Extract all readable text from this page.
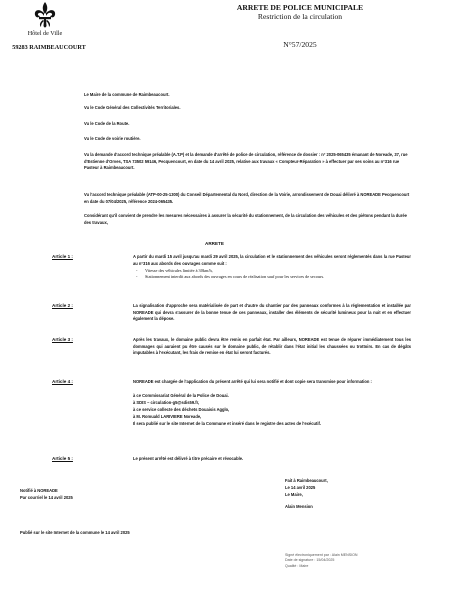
Hôtel de Ville
59283 RAIMBEAUCOURT
ARRETE DE POLICE MUNICIPALE
Restriction de la circulation
N°57/2025
Le Maire de la commune de Raimbeaucourt.
Vu le Code Général des Collectivités Territoriales.
Vu le Code de la Route.
Vu le Code de voirie routière.
Vu la demande d'accord technique préalable (A.T.P) et la demande d'arrêté de police de circulation, référence de dossier : n° 2025-065435 émanant de Noreade, 37, rue d'Estienne d'Orves, TSA 73502 59146, Pecquencourt, en date du 14 avril 2025, relative aux travaux « Compteur-Réparation » à effectuer par ses soins au n°316 rue Pasteur à Raimbeaucourt.
Vu l'accord technique préalable (ATP-00-25-1300) du Conseil Départemental du Nord, direction de la Voirie, arrondissement de Douai délivré à NOREADE Pecquencourt en date du 07/04/2025, référence 2024-065435.
Considérant qu'il convient de prendre les mesures nécessaires à assurer la sécurité du stationnement, de la circulation des véhicules et des piétons pendant la durée des travaux,
ARRETE
Article 1 :	A partir du mardi 15 avril jusqu'au mardi 29 avril 2025, la circulation et le stationnement des véhicules seront réglementés dans la rue Pasteur au n°316 aux abords des ouvrages comme suit :
- Vitesse des véhicules limitée à 30km/h,
- Stationnement interdit aux abords des ouvrages en cours de réalisation sauf pour les services de secours.
Article 2 :	La signalisation d'approche sera matérialisée de part et d'autre du chantier par des panneaux conformes à la réglementation et installée par NOREADE qui devra s'assurer de la bonne tenue de ces panneaux, installer des éléments de sécurité lumineux pour la nuit et en effectuer également la dépose.
Article 3 :	Après les travaux, le domaine public devra être remis en parfait état. Par ailleurs, NOREADE est tenue de réparer immédiatement tous les dommages qui auraient pu être causés sur le domaine public, de rétablir dans l'état initial les chaussées ou trottoirs. En cas de dégâts imputables à l'exécutant, les frais de remise en état lui seront facturés.
Article 4 :	NOREADE est chargée de l'application du présent arrêté qui lui sera notifié et dont copie sera transmise pour information :
à ce Commissariat Général de la Police de Douai.
à SDIS – circulation-g5@sdis59.fr,
à ce service collecte des déchets Douaisis Agglo,
à M. Romuald LARIVIERE Noreade,
Il sera publié sur le site Internet de la Commune et inséré dans le registre des actes de l'exécutif.
Article 5 :	Le présent arrêté est délivré à titre précaire et révocable.
Fait à Raimbeaucourt,
Le 14 avril 2025
Le Maire,
Alain Mension
Notifié à NOREADE
Par courriel le 14 avril 2025
Publié sur le site Internet de la commune le 14 avril 2025
Signé électroniquement par : Alain MENSION
Date de signature : 15/04/2025
Qualité : Maire
